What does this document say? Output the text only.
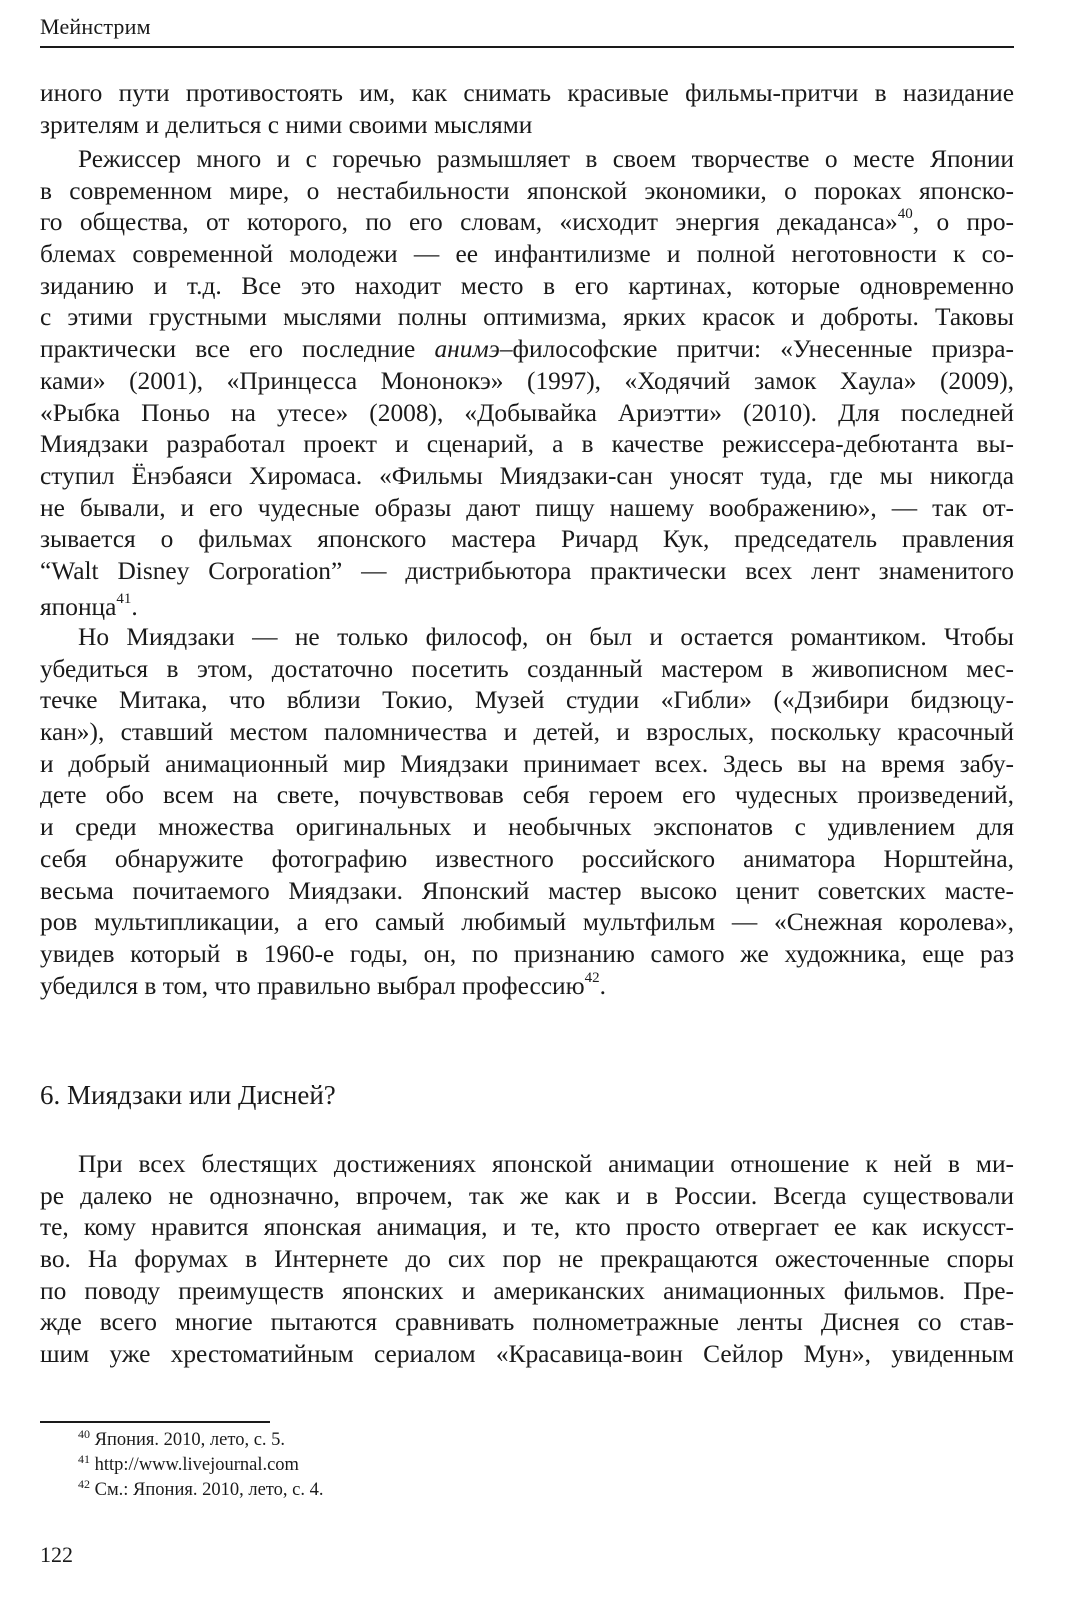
Мейнстрим
иного пути противостоять им, как снимать красивые фильмы-притчи в назидание
зрителям и делиться с ними своими мыслями
Режиссер много и с горечью размышляет в своем творчестве о месте Японии
в современном мире, о нестабильности японской экономики, о пороках японско-
го общества, от которого, по его словам, «исходит энергия декаданса»$^{40}$, о про-
блемах современной молодежи — ее инфантилизме и полной неготовности к со-
зиданию и т.д. Все это находит место в его картинах, которые одновременно
с этими грустными мыслями полны оптимизма, ярких красок и доброты. Таковы
практически все его последние анимэ–философские притчи: «Унесенные призра-
ками» (2001), «Принцесса Мононокэ» (1997), «Ходячий замок Хаула» (2009),
«Рыбка Поньо на утесе» (2008), «Добывайка Ариэтти» (2010). Для последней
Миядзаки разработал проект и сценарий, а в качестве режиссера-дебютанта вы-
ступил Ёнэбаяси Хиромаса. «Фильмы Миядзаки-сан уносят туда, где мы никогда
не бывали, и его чудесные образы дают пищу нашему воображению», — так от-
зывается о фильмах японского мастера Ричард Кук, председатель правления
“Walt Disney Corporation” — дистрибьютора практически всех лент знаменитого
японца$^{41}$.
Но Миядзаки — не только философ, он был и остается романтиком. Чтобы
убедиться в этом, достаточно посетить созданный мастером в живописном мес-
течке Митака, что вблизи Токио, Музей студии «Гибли» («Дзибири бидзюцу-
кан»), ставший местом паломничества и детей, и взрослых, поскольку красочный
и добрый анимационный мир Миядзаки принимает всех. Здесь вы на время забу-
дете обо всем на свете, почувствовав себя героем его чудесных произведений,
и среди множества оригинальных и необычных экспонатов с удивлением для
себя обнаружите фотографию известного российского аниматора Норштейна,
весьма почитаемого Миядзаки. Японский мастер высоко ценит советских масте-
ров мультипликации, а его самый любимый мультфильм — «Снежная королева»,
увидев который в 1960-е годы, он, по признанию самого же художника, еще раз
убедился в том, что правильно выбрал профессию$^{42}$.
6. Миядзаки или Дисней?
При всех блестящих достижениях японской анимации отношение к ней в ми-
ре далеко не однозначно, впрочем, так же как и в России. Всегда существовали
те, кому нравится японская анимация, и те, кто просто отвергает ее как искусст-
во. На форумах в Интернете до сих пор не прекращаются ожесточенные споры
по поводу преимуществ японских и американских анимационных фильмов. Пре-
жде всего многие пытаются сравнивать полнометражные ленты Диснея со став-
шим уже хрестоматийным сериалом «Красавица-воин Сейлор Мун», увиденным
$^{40}$ Япония. 2010, лето, с. 5.
$^{41}$ http://www.livejournal.com
$^{42}$ См.: Япония. 2010, лето, с. 4.
122
